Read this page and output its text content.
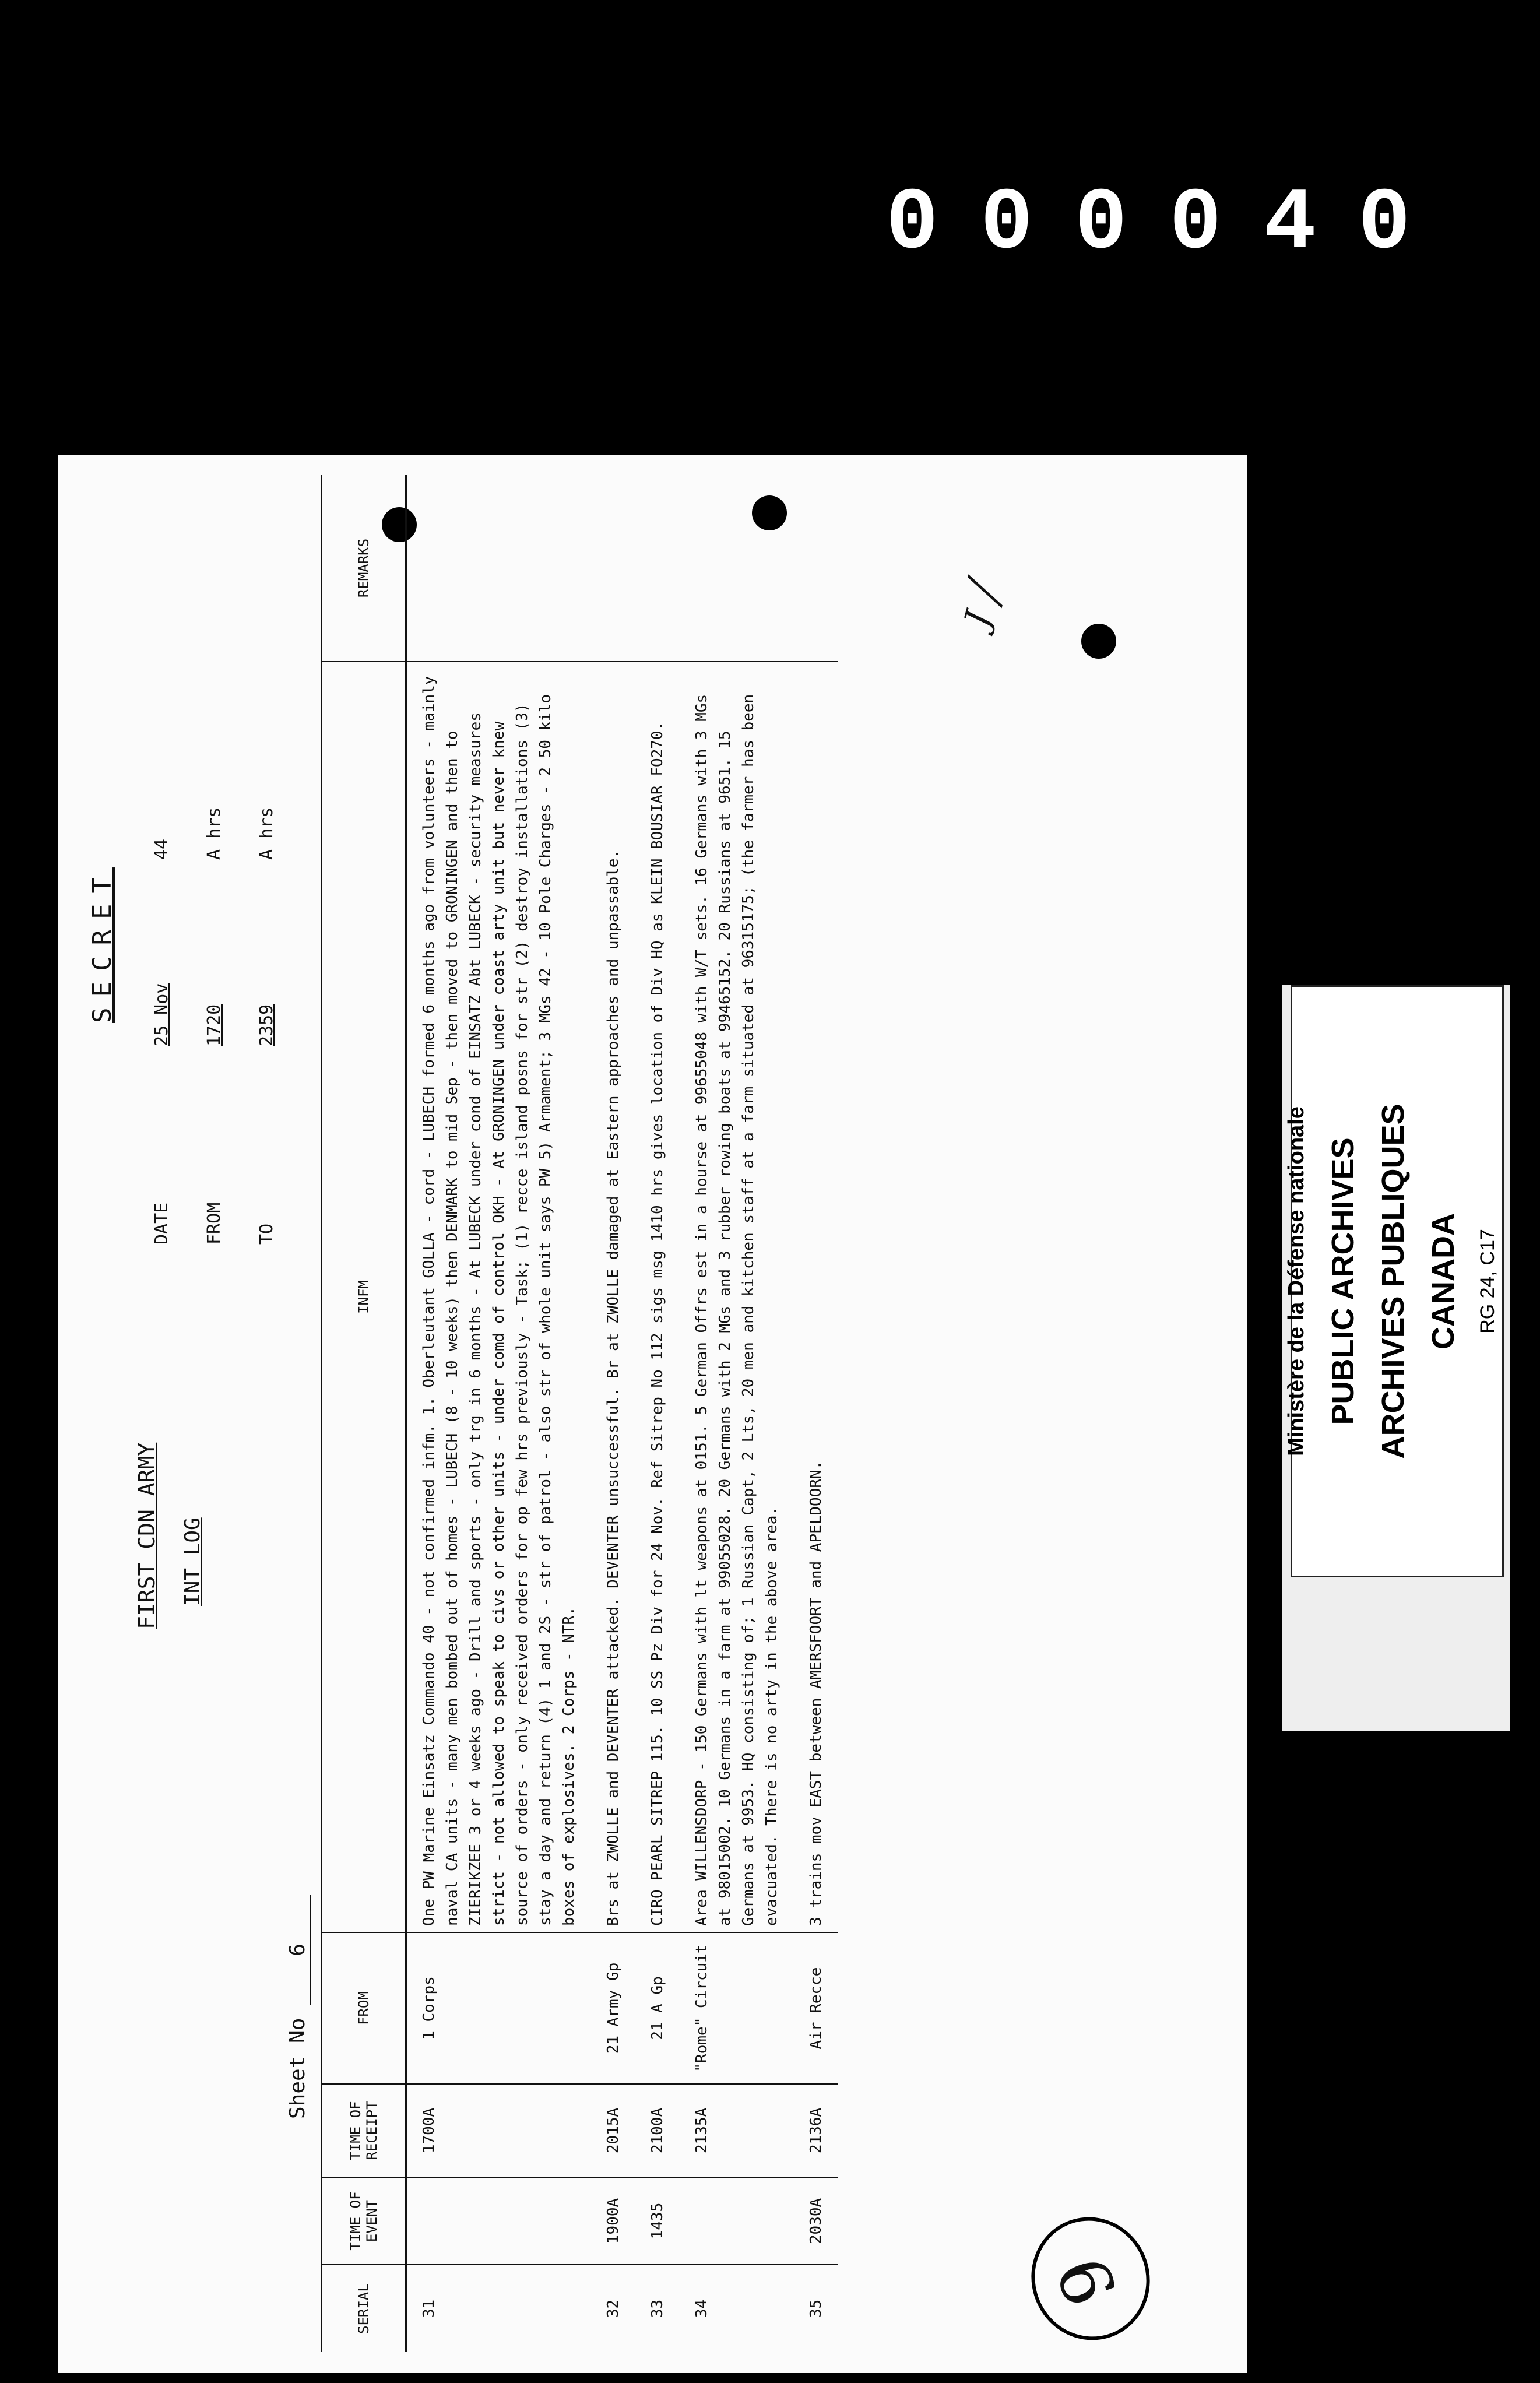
000040
Department of National Defence Ministère de la Défense nationale PUBLIC ARCHIVES ARCHIVES PUBLIQUES CANADA RG 24, C17 Vol. 13,648
FIRST CDN ARMY INT LOG
Sheet No 6
SECRET
DATE
25 Nov
44
FROM
1720
A hrs
TO
2359
A hrs
SERIAL	TIME OF EVENT	TIME OF RECEIPT	FROM	INFM	REMARKS
31		1700A	1 Corps	One PW Marine Einsatz Commando 40 - not confirmed infm. 1. Oberleutant GOLLA - cord - LUBECH formed 6 months ago from volunteers - mainly naval CA units - many men bombed out of homes - LUBECH (8 - 10 weeks) then DENMARK to mid Sep - then moved to GRONINGEN and then to ZIERIKZEE 3 or 4 weeks ago - Drill and sports - only trg in 6 months - At LUBECK under cond of EINSATZ Abt LUBECK - security measures strict - not allowed to speak to civs or other units - under comd of control OKH - At GRONINGEN under coast arty unit but never knew source of orders - only received orders for op few hrs previously - Task; (1) recce island posns for str (2) destroy installations (3) stay a day and return (4) 1 and 2S - str of patrol - also str of whole unit says PW 5) Armament; 3 MGs 42 - 10 Pole Charges - 2 50 kilo boxes of explosives. 2 Corps - NTR.	
32	1900A	2015A	21 Army Gp	Brs at ZWOLLE and DEVENTER attacked. DEVENTER unsuccessful. Br at ZWOLLE damaged at Eastern approaches and unpassable.	
33	1435	2100A	21 A Gp	CIRO PEARL SITREP 115. 10 SS Pz Div for 24 Nov. Ref Sitrep No 112 sigs msg 1410 hrs gives location of Div HQ as KLEIN BOUSIAR FO270.	
34		2135A	"Rome" Circuit	Area WILLENSDORP - 150 Germans with lt weapons at 0151. 5 German Offrs est in a hourse at 99655048 with W/T sets. 16 Germans with 3 MGs at 98015002. 10 Germans in a farm at 99055028. 20 Germans with 2 MGs and 3 rubber rowing boats at 99465152. 20 Russians at 9651. 15 Germans at 9953. HQ consisting of; 1 Russian Capt, 2 Lts, 20 men and kitchen staff at a farm situated at 96315175; (the farmer has been evacuated. There is no arty in the above area.	
35	2030A	2136A	Air Recce	3 trains mov EAST between AMERSFOORT and APELDOORN.	
9
J ╱
